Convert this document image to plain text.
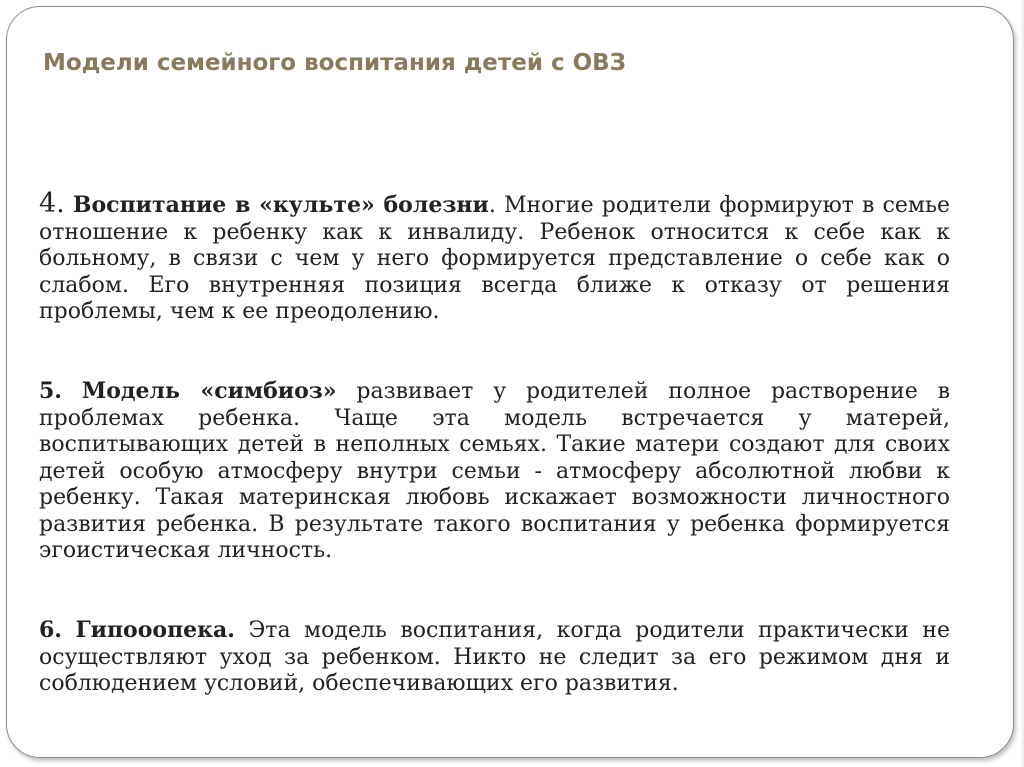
Модели семейного воспитания детей с ОВЗ

4. Воспитание в «культе» болезни. Многие родители формируют в семье отношение к ребенку как к инвалиду. Ребенок относится к себе как к больному, в связи с чем у него формируется представление о себе как о слабом. Его внутренняя позиция всегда ближе к отказу от решения проблемы, чем к ее преодолению.

5. Модель «симбиоз» развивает у родителей полное растворение в проблемах ребенка. Чаще эта модель встречается у матерей, воспитывающих детей в неполных семьях. Такие матери создают для своих детей особую атмосферу внутри семьи - атмосферу абсолютной любви к ребенку. Такая материнская любовь искажает возможности личностного развития ребенка. В результате такого воспитания у ребенка формируется эгоистическая личность.

6. Гипооопека. Эта модель воспитания, когда родители практически не осуществляют уход за ребенком. Никто не следит за его режимом дня и соблюдением условий, обеспечивающих его развития.
